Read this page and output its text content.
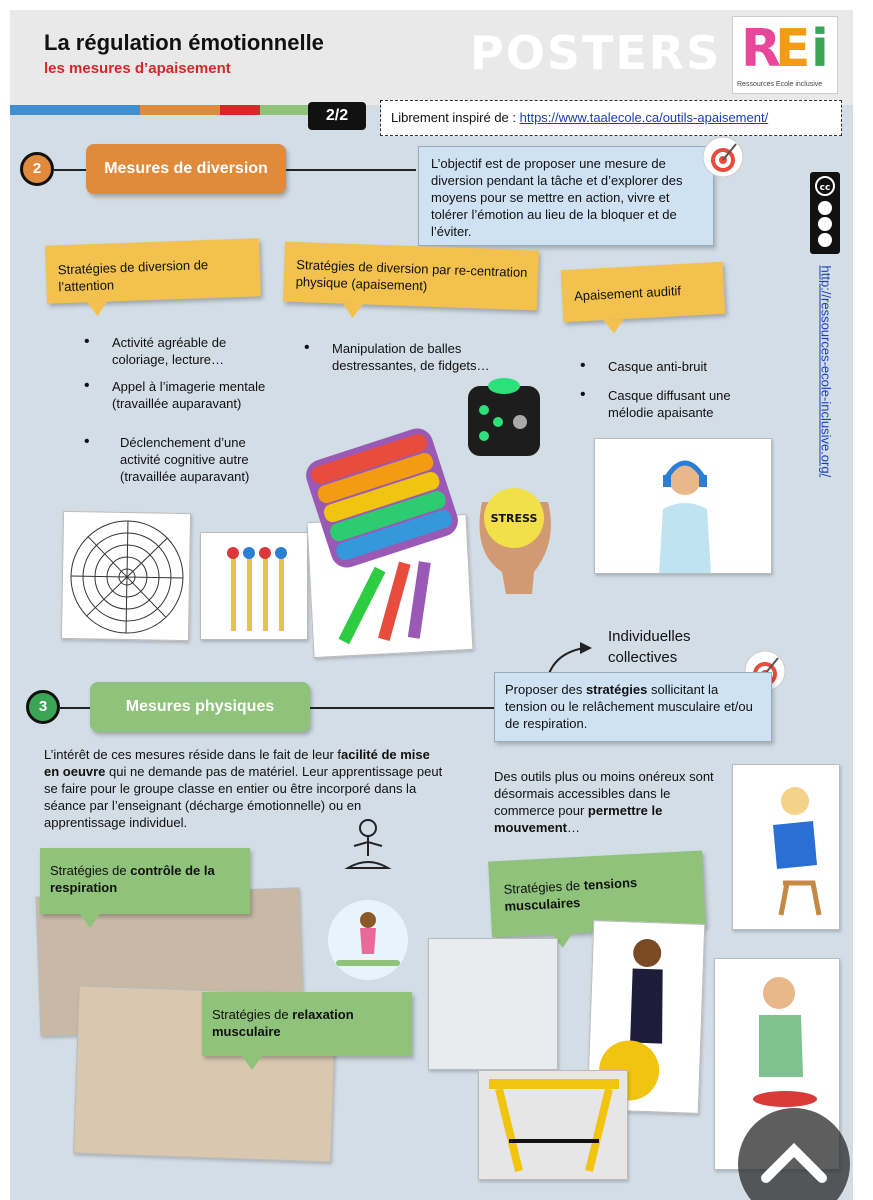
La régulation émotionnelle
les mesures d’apaisement	POSTERS R
E i
Ressources Ecole inclusive
2/2	Librement inspiré de : https://www.taalecole.ca/outils-apaisement/
cc
http://ressources-ecole-inclusive.org/
2	Mesures de diversion	L’objectif est de proposer une mesure de diversion pendant la tâche et d’explorer des moyens pour se mettre en action, vivre et tolérer l’émotion au lieu de la bloquer et de l’éviter.
Stratégies de diversion de l’attention
Stratégies de diversion par re-centration physique (apaisement)	Apaisement auditif
• Activité agréable de coloriage, lecture…
• Appel à l’imagerie mentale (travaillée auparavant)
• Déclenchement d’une activité cognitive autre (travaillée auparavant)
• Manipulation de balles destressantes, de fidgets…
•	Casque anti-bruit
• Casque diffusant une mélodie apaisante
STRESS
3	Mesures physiques
Individuelles
collectives
Proposer des stratégies sollicitant la tension ou le relâchement musculaire et/ou de respiration.
L’intérêt de ces mesures réside dans le fait de leur facilité de mise en oeuvre qui ne demande pas de matériel. Leur apprentissage peut se faire pour le groupe classe en entier ou être incorporé dans la séance par l’enseignant (décharge émotionnelle) ou en apprentissage individuel.
Des outils plus ou moins onéreux sont désormais accessibles dans le commerce pour permettre le mouvement…
Stratégies de contrôle de la respiration
Stratégies de relaxation musculaire
Stratégies de tensions musculaires
